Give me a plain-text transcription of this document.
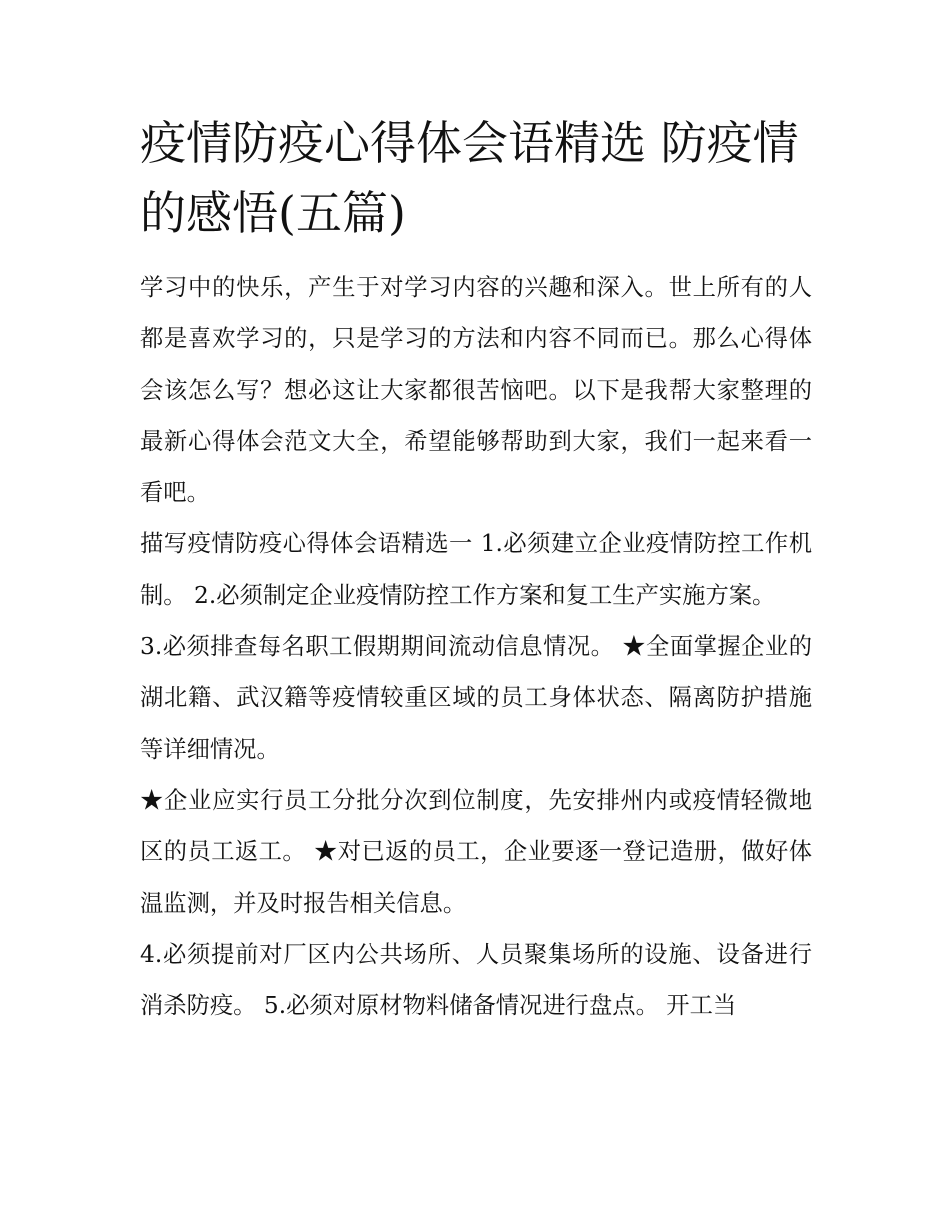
疫情防疫心得体会语精选 防疫情的感悟(五篇)

学习中的快乐，产生于对学习内容的兴趣和深入。世上所有的人都是喜欢学习的，只是学习的方法和内容不同而已。那么心得体会该怎么写？想必这让大家都很苦恼吧。以下是我帮大家整理的最新心得体会范文大全，希望能够帮助到大家，我们一起来看一看吧。

描写疫情防疫心得体会语精选一 1.必须建立企业疫情防控工作机制。 2.必须制定企业疫情防控工作方案和复工生产实施方案。

3.必须排查每名职工假期期间流动信息情况。 ★全面掌握企业的湖北籍、武汉籍等疫情较重区域的员工身体状态、隔离防护措施等详细情况。

★企业应实行员工分批分次到位制度，先安排州内或疫情轻微地区的员工返工。 ★对已返的员工，企业要逐一登记造册，做好体温监测，并及时报告相关信息。

4.必须提前对厂区内公共场所、人员聚集场所的设施、设备进行消杀防疫。 5.必须对原材物料储备情况进行盘点。 开工当
